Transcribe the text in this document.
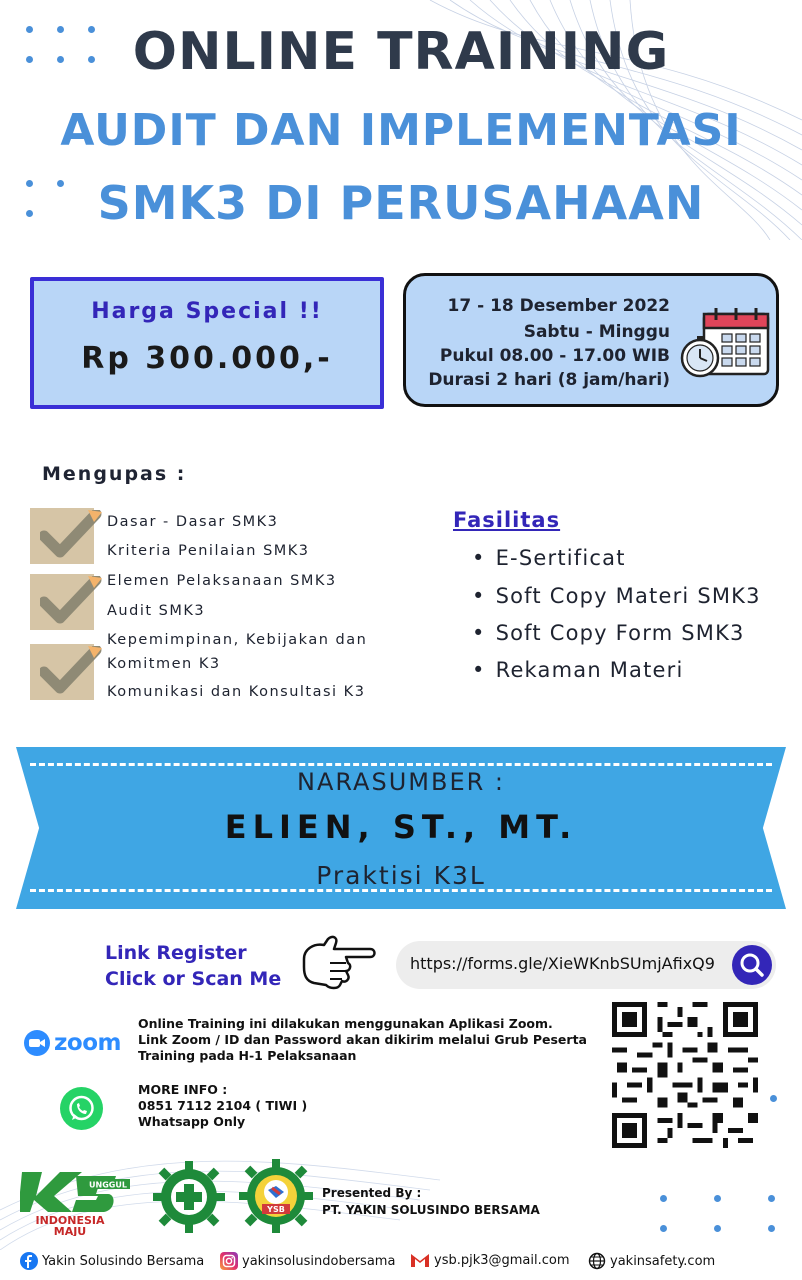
ONLINE TRAINING
AUDIT DAN IMPLEMENTASI
SMK3 DI PERUSAHAAN
Harga Special !!
Rp 300.000,-
17 - 18 Desember 2022
Sabtu - Minggu
Pukul 08.00 - 17.00 WIB
Durasi 2 hari (8 jam/hari)
Mengupas :
Dasar - Dasar SMK3
Kriteria Penilaian SMK3
Elemen Pelaksanaan SMK3
Audit SMK3
Kepemimpinan, Kebijakan dan
Komitmen K3
Komunikasi dan Konsultasi K3
Fasilitas
• E-Sertificat
• Soft Copy Materi SMK3
• Soft Copy Form SMK3
• Rekaman Materi
NARASUMBER :
ELIEN, ST., MT.
Praktisi K3L
Link Register
Click or Scan Me
https://forms.gle/XieWKnbSUmjAfixQ9
zoom
Online Training ini dilakukan menggunakan Aplikasi Zoom.
Link Zoom / ID dan Password akan dikirim melalui Grub Peserta
Training pada H-1 Pelaksanaan
MORE INFO :
0851 7112 2104 ( TIWI )
Whatsapp Only
UNGGUL
INDONESIA
MAJU
YSB
Presented By :
PT. YAKIN SOLUSINDO BERSAMA
Yakin Solusindo Bersama	yakinsolusindobersama	ysb.pjk3@gmail.com	yakinsafety.com
